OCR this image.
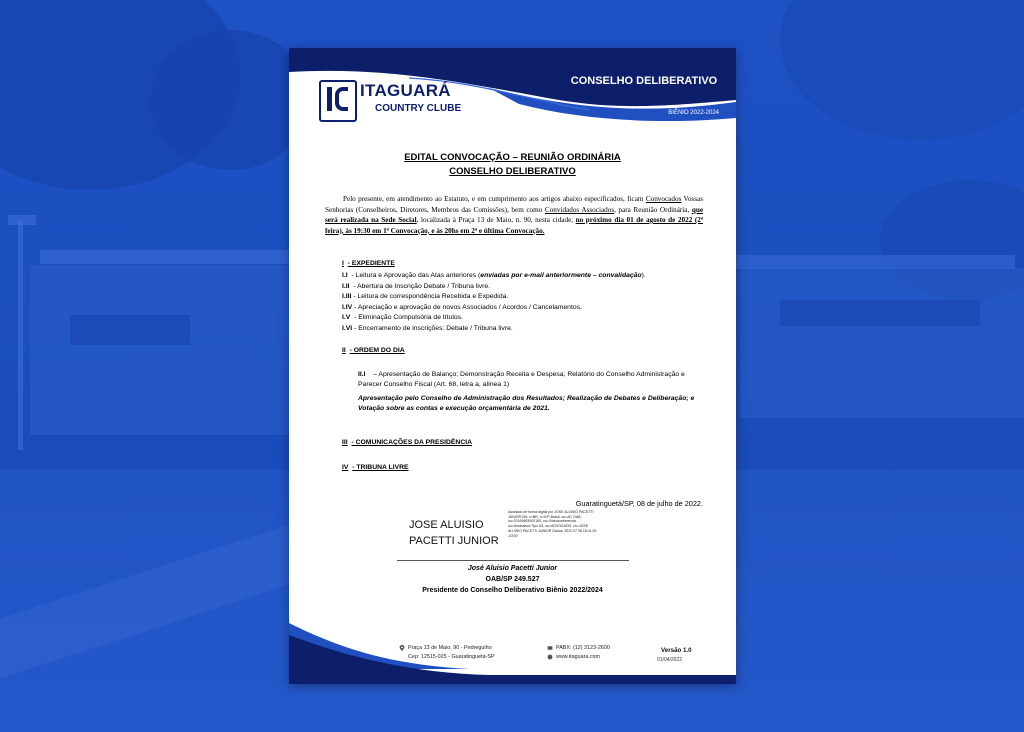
ITAGUARÁ
COUNTRY CLUBE
CONSELHO DELIBERATIVO
BIÊNIO 2022-2024
EDITAL CONVOCAÇÃO – REUNIÃO ORDINÁRIA
CONSELHO DELIBERATIVO
Pelo presente, em atendimento ao Estatuto, e em cumprimento aos artigos abaixo especificados, ficam Convocados Vossas Senhorias (Conselheiros, Diretores, Membros das Comissões), bem como Convidados Associados, para Reunião Ordinária, que será realizada na Sede Social, localizada à Praça 13 de Maio, n. 90, nesta cidade, no próximo dia 01 de agosto de 2022 (2ª feira), às 19:30 em 1ª Convocação, e às 20hs em 2ª e última Convocação.
I - EXPEDIENTE
I.I - Leitura e Aprovação das Atas anteriores (enviadas por e-mail anteriormente – convalidação).
I.II - Abertura de Inscrição Debate / Tribuna livre.
I.III - Leitura de correspondência Recebida e Expedida.
I.IV - Apreciação e aprovação de novos Associados / Acordos / Cancelamentos.
I.V - Eliminação Compulsória de títulos.
I.VI - Encerramento de inscrições: Debate / Tribuna livre.
II - ORDEM DO DIA
II.I – Apresentação de Balanço; Demonstração Receita e Despesa; Relatório do Conselho Administração e Parecer Conselho Fiscal (Art. 68, letra a, alínea 1)
Apresentação pelo Conselho de Administração dos Resultados; Realização de Debates e Deliberação; e Votação sobre as contas e execução orçamentária de 2021.
III - COMUNICAÇÕES DA PRESIDÊNCIA
IV - TRIBUNA LIVRE
Guaratinguetá/SP, 08 de julho de 2022.
JOSE ALUISIO
PACETTI JUNIOR
Assinado de forma digital por JOSE ALUISIO PACETTI JUNIOR DN: c=BR, o=ICP-Brasil, ou=AC OAB, ou=21169963000150, ou=Videoconferencia, ou=Assinatura Tipo A3, ou=ADVOGADO, cn=JOSE ALUISIO PACETTI JUNIOR Dados: 2022.07.08 18:41:29 -03'00'
José Aluísio Pacetti Junior
OAB/SP 249.527
Presidente do Conselho Deliberativo Biênio 2022/2024
Praça 13 de Maio, 90 - Pedregulho
Cep: 12515-025 - Guaratinguetá-SP
PABX: (12) 3123-2600
www.itaguara.com
Versão 1.0
01/04/2022
